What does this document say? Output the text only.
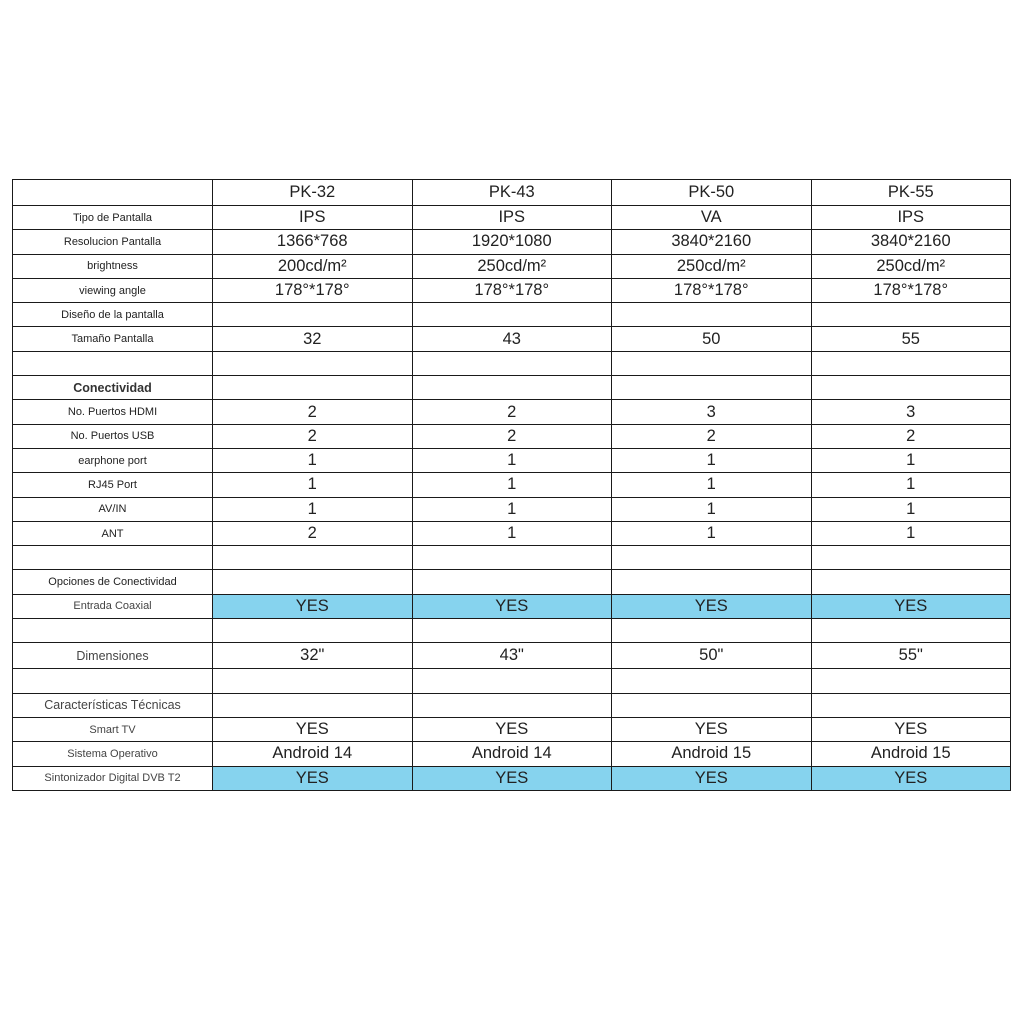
	PK-32	PK-43	PK-50	PK-55
Tipo de Pantalla	IPS	IPS	VA	IPS
Resolucion Pantalla	1366*768	1920*1080	3840*2160	3840*2160
brightness	200cd/m²	250cd/m²	250cd/m²	250cd/m²
viewing angle	178°*178°	178°*178°	178°*178°	178°*178°
Diseño de la pantalla				
Tamaño Pantalla	32	43	50	55

Conectividad				
No. Puertos HDMI	2	2	3	3
No. Puertos USB	2	2	2	2
earphone port	1	1	1	1
RJ45 Port	1	1	1	1
AV/IN	1	1	1	1
ANT	2	1	1	1

Opciones de Conectividad				
Entrada Coaxial	YES	YES	YES	YES

Dimensiones	32"	43"	50"	55"

Características Técnicas				
Smart TV	YES	YES	YES	YES
Sistema Operativo	Android 14	Android 14	Android 15	Android 15
Sintonizador Digital DVB T2	YES	YES	YES	YES
